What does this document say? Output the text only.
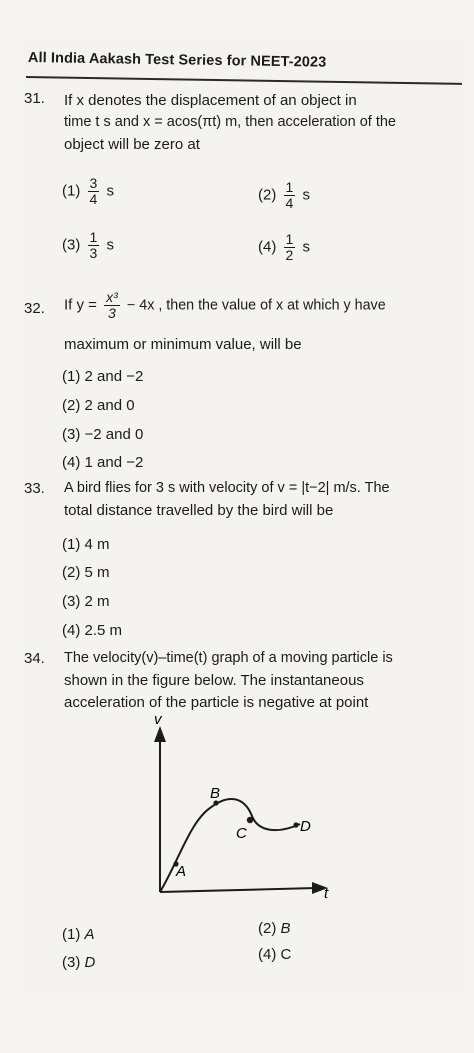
All India Aakash Test Series for NEET-2023
31. If x denotes the displacement of an object in
time t s and x = acos(πt) m, then acceleration of the
object will be zero at
$(1) \frac{3}{4}$ s	$(2) \frac{1}{4}$ s
$(3) \frac{1}{3}$ s	$(4) \frac{1}{2}$ s
32. If $y = \frac{\text{x³}}{3} - 4x$ , then the value of x at which y have
maximum or minimum value, will be
(1) 2 and −2
(2) 2 and 0
(3) −2 and 0
(4) 1 and −2
33. A bird flies for 3 s with velocity of v = |t−2| m/s. The
total distance travelled by the bird will be
(1) 4 m
(2) 5 m
(3) 2 m
(4) 2.5 m
34. The velocity(v)–time(t) graph of a moving particle is
shown in the figure below. The instantaneous
acceleration of the particle is negative at point
v
t
A
B
C	D
(1) A	(2) B
(3) D	(4) C
